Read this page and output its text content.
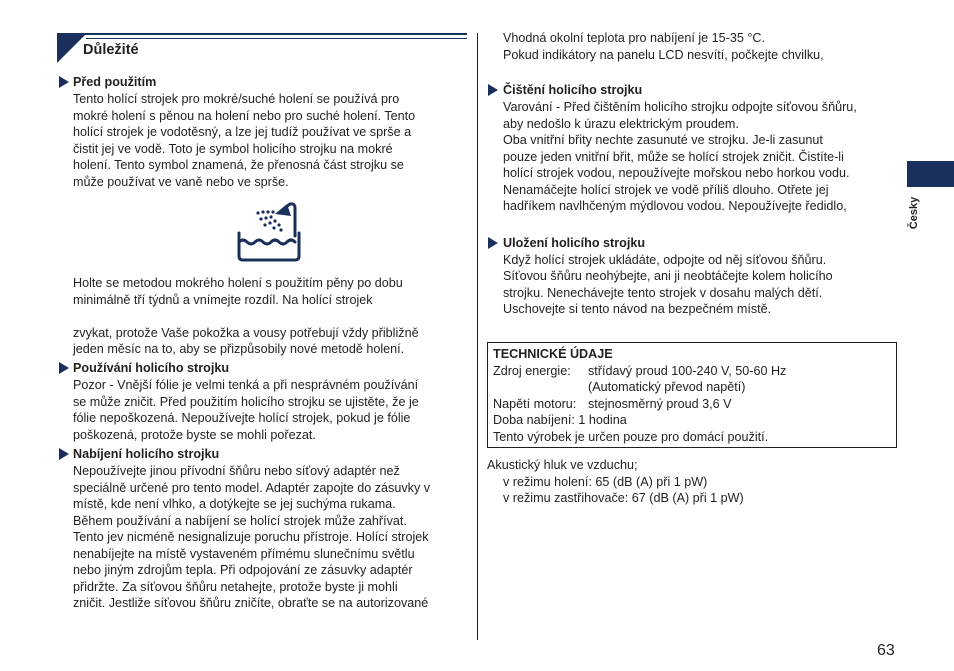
Důležité
Před použitím
Tento holící strojek pro mokré/suché holení se používá pro
mokré holení s pěnou na holení nebo pro suché holení. Tento
holící strojek je vodotěsný, a lze jej tudíž používat ve sprše a
čistit jej ve vodě. Toto je symbol holicího strojku na mokré
holení. Tento symbol znamená, že přenosná část strojku se
může používat ve vaně nebo ve sprše.
Holte se metodou mokrého holení s použitím pěny po dobu
minimálně tří týdnů a vnímejte rozdíl. Na holící strojek
zvykat, protože Vaše pokožka a vousy potřebují vždy přibližně
jeden měsíc na to, aby se přizpůsobily nové metodě holení.
Používání holicího strojku
Pozor - Vnější fólie je velmi tenká a při nesprávném používání
se může zničit. Před použitím holicího strojku se ujistěte, že je
fólie nepoškozená. Nepoužívejte holící strojek, pokud je fólie
poškozená, protože byste se mohli pořezat.
Nabíjení holicího strojku
Nepoužívejte jinou přívodní šňůru nebo síťový adaptér než
speciálně určené pro tento model. Adaptér zapojte do zásuvky v
místě, kde není vlhko, a dotýkejte se jej suchýma rukama.
Během používání a nabíjení se holící strojek může zahřívat.
Tento jev nicméně nesignalizuje poruchu přístroje. Holící strojek
nenabíjejte na místě vystaveném přímému slunečnímu světlu
nebo jiným zdrojům tepla. Při odpojování ze zásuvky adaptér
přidržte. Za síťovou šňůru netahejte, protože byste ji mohli
zničit. Jestliže síťovou šňůru zničíte, obraťte se na autorizované
Vhodná okolní teplota pro nabíjení je 15-35 °C.
Pokud indikátory na panelu LCD nesvítí, počkejte chvilku,
Čištění holicího strojku
Varování - Před čištěním holicího strojku odpojte síťovou šňůru,
aby nedošlo k úrazu elektrickým proudem.
Oba vnitřní břity nechte zasunuté ve strojku. Je-li zasunut
pouze jeden vnitřní břit, může se holící strojek zničit. Čistíte-li
holící strojek vodou, nepoužívejte mořskou nebo horkou vodu.
Nenamáčejte holící strojek ve vodě příliš dlouho. Otřete jej
hadříkem navlhčeným mýdlovou vodou. Nepoužívejte ředidlo,
Uložení holicího strojku
Když holící strojek ukládáte, odpojte od něj síťovou šňůru.
Síťovou šňůru neohýbejte, ani ji neobtáčejte kolem holicího
strojku. Nenechávejte tento strojek v dosahu malých dětí.
Uschovejte si tento návod na bezpečném místě.
TECHNICKÉ ÚDAJE
Zdroj energie: střídavý proud 100-240 V, 50-60 Hz
(Automatický převod napětí)
Napětí motoru: stejnosměrný proud 3,6 V
Doba nabíjení: 1 hodina
Tento výrobek je určen pouze pro domácí použití.
Akustický hluk ve vzduchu;
v režimu holení: 65 (dB (A) při 1 pW)
v režimu zastřihovače: 67 (dB (A) při 1 pW)
Česky
63
